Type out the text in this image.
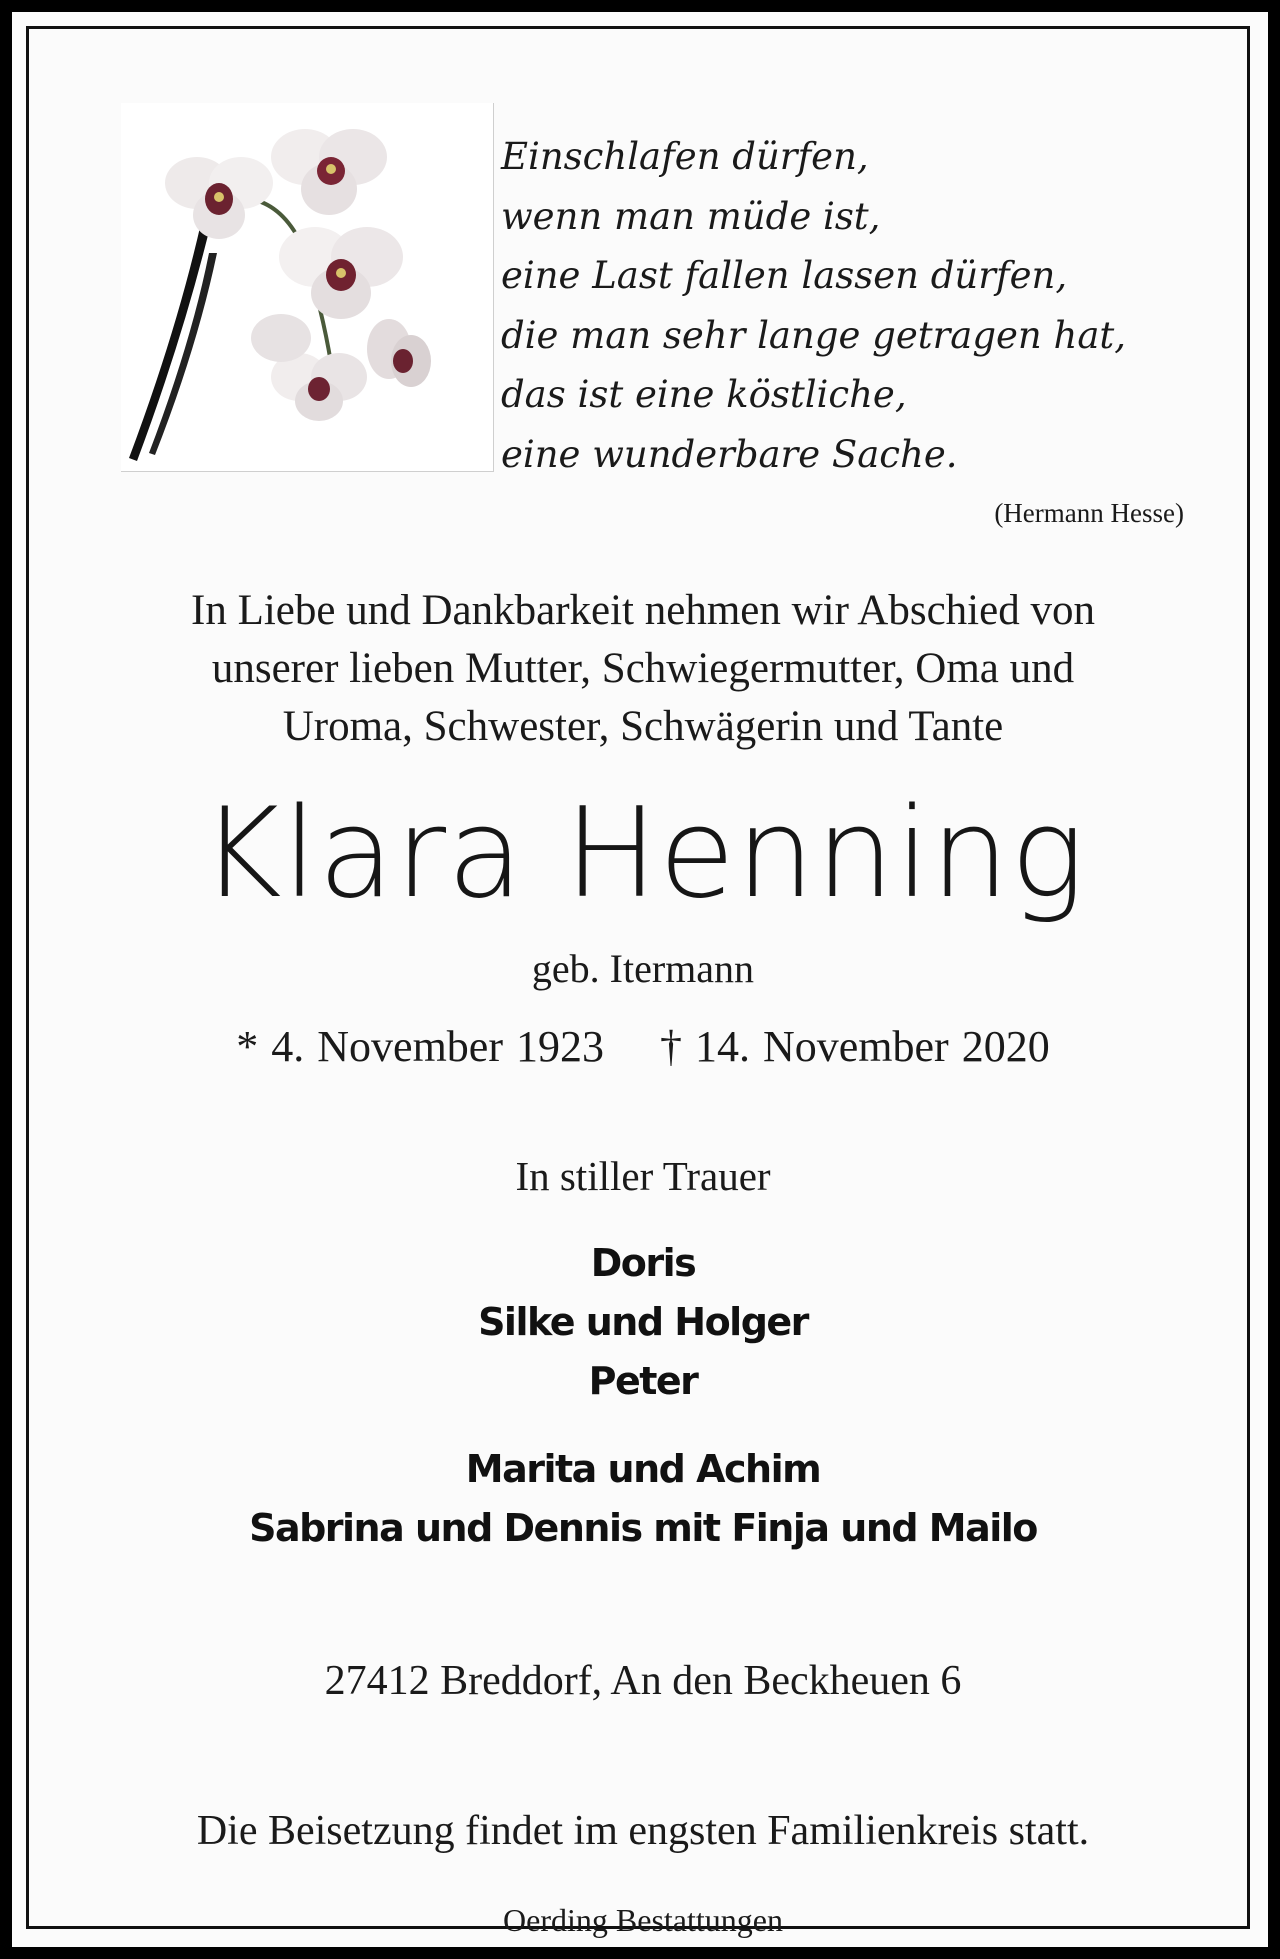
Einschlafen dürfen,
wenn man müde ist,
eine Last fallen lassen dürfen,
die man sehr lange getragen hat,
das ist eine köstliche,
eine wunderbare Sache.
(Hermann Hesse)
In Liebe und Dankbarkeit nehmen wir Abschied von
unserer lieben Mutter, Schwiegermutter, Oma und
Uroma, Schwester, Schwägerin und Tante
Klara Henning
geb. Itermann
* 4. November 1923 † 14. November 2020
In stiller Trauer
Doris
Silke und Holger
Peter
Marita und Achim
Sabrina und Dennis mit Finja und Mailo
27412 Breddorf, An den Beckheuen 6
Die Beisetzung findet im engsten Familienkreis statt.
Oerding Bestattungen
